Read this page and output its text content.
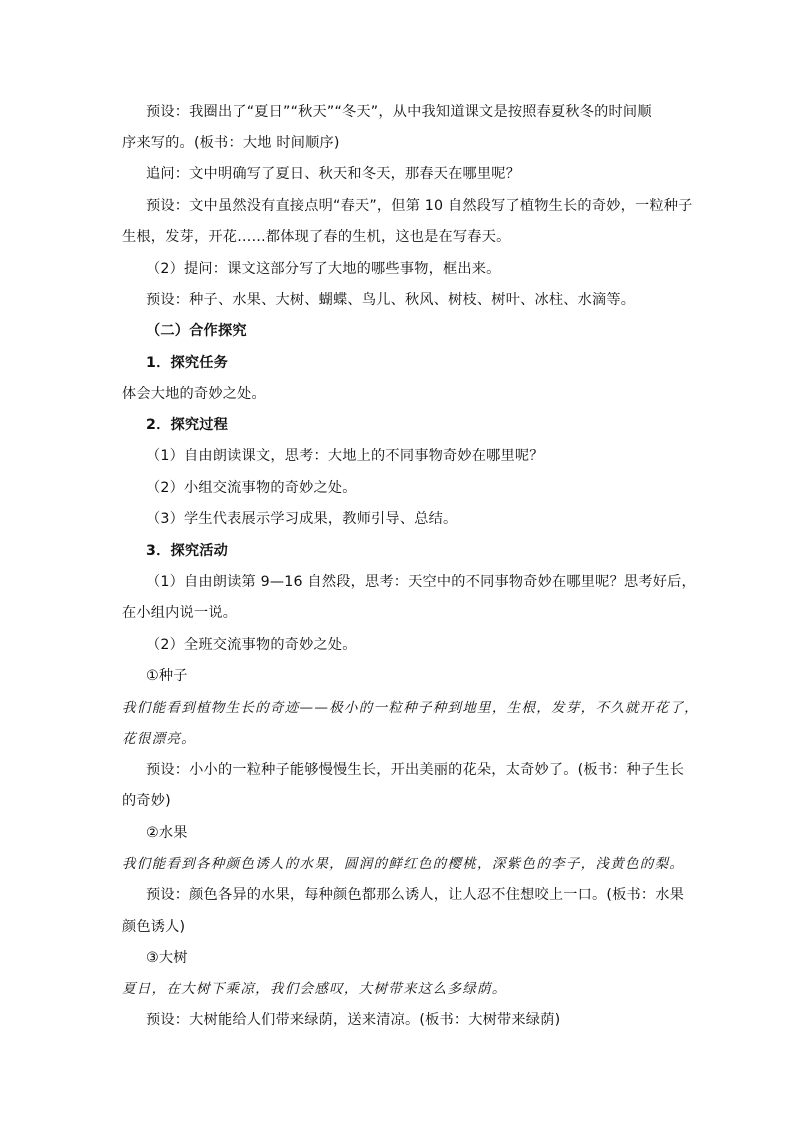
预设：我圈出了“夏日”“秋天”“冬天”，从中我知道课文是按照春夏秋冬的时间顺
序来写的。(板书：大地 时间顺序)
追问：文中明确写了夏日、秋天和冬天，那春天在哪里呢？
预设：文中虽然没有直接点明“春天”，但第 10 自然段写了植物生长的奇妙，一粒种子
生根，发芽，开花……都体现了春的生机，这也是在写春天。
（2）提问：课文这部分写了大地的哪些事物，框出来。
预设：种子、水果、大树、蝴蝶、鸟儿、秋风、树枝、树叶、冰柱、水滴等。
（二）合作探究
1．探究任务
体会大地的奇妙之处。
2．探究过程
（1）自由朗读课文，思考：大地上的不同事物奇妙在哪里呢？
（2）小组交流事物的奇妙之处。
（3）学生代表展示学习成果，教师引导、总结。
3．探究活动
（1）自由朗读第 9—16 自然段，思考：天空中的不同事物奇妙在哪里呢？思考好后，
在小组内说一说。
（2）全班交流事物的奇妙之处。
①种子
我们能看到植物生长的奇迹——极小的一粒种子种到地里，生根，发芽，不久就开花了，
花很漂亮。
预设：小小的一粒种子能够慢慢生长，开出美丽的花朵，太奇妙了。(板书：种子生长
的奇妙)
②水果
我们能看到各种颜色诱人的水果，圆润的鲜红色的樱桃，深紫色的李子，浅黄色的梨。
预设：颜色各异的水果，每种颜色都那么诱人，让人忍不住想咬上一口。(板书：水果
颜色诱人)
③大树
夏日，在大树下乘凉，我们会感叹，大树带来这么多绿荫。
预设：大树能给人们带来绿荫，送来清凉。(板书：大树带来绿荫)
